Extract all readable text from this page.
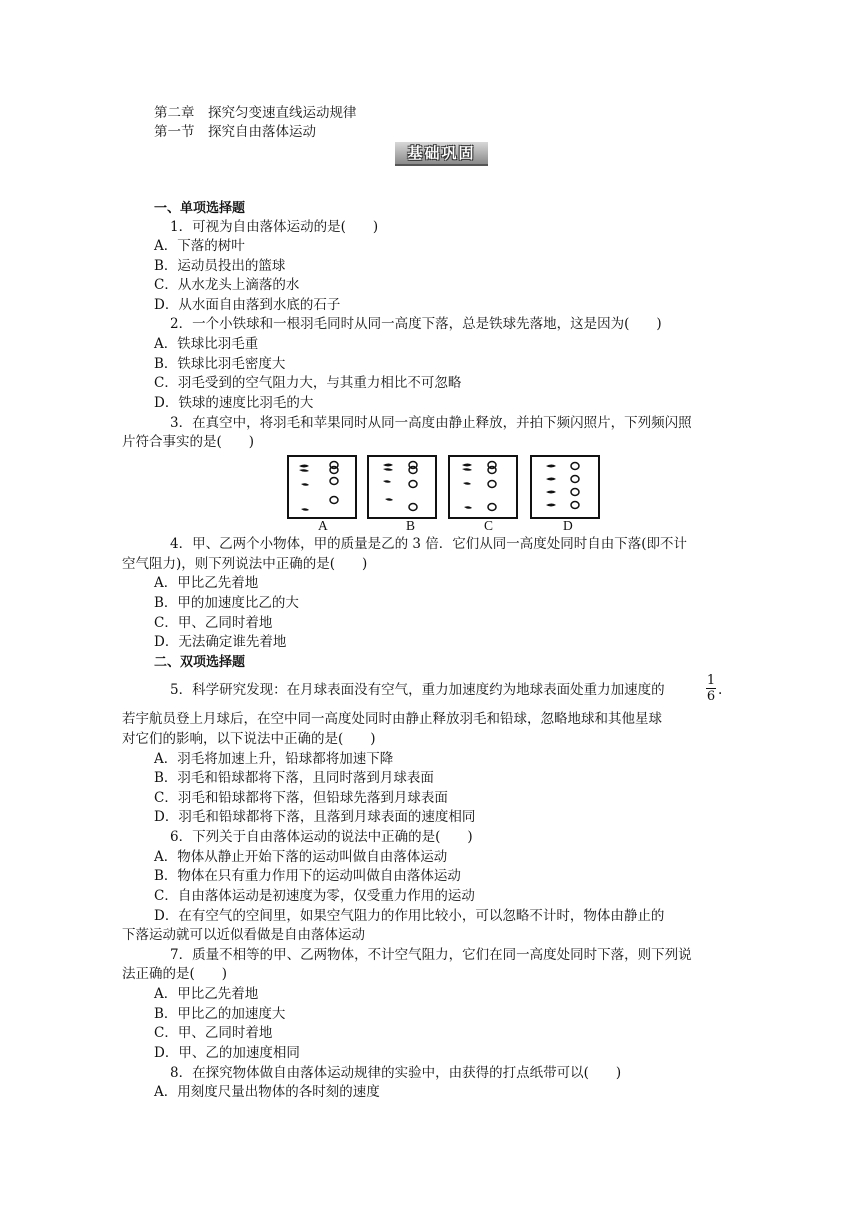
第二章　探究匀变速直线运动规律
第一节　探究自由落体运动
基础巩固
一、单项选择题
1．可视为自由落体运动的是(　　)
A．下落的树叶
B．运动员投出的篮球
C．从水龙头上滴落的水
D．从水面自由落到水底的石子
2．一个小铁球和一根羽毛同时从同一高度下落，总是铁球先落地，这是因为(　　)
A．铁球比羽毛重
B．铁球比羽毛密度大
C．羽毛受到的空气阻力大，与其重力相比不可忽略
D．铁球的速度比羽毛的大
3．在真空中，将羽毛和苹果同时从同一高度由静止释放，并拍下频闪照片，下列频闪照
片符合事实的是(　　)
A	B	C	D
4．甲、乙两个小物体，甲的质量是乙的 3 倍．它们从同一高度处同时自由下落(即不计
空气阻力)，则下列说法中正确的是(　　)
A．甲比乙先着地
B．甲的加速度比乙的大
C．甲、乙同时着地
D．无法确定谁先着地
二、双项选择题
5．科学研究发现：在月球表面没有空气，重力加速度约为地球表面处重力加速度的	$\frac{1}{6}$ .
若宇航员登上月球后，在空中同一高度处同时由静止释放羽毛和铅球，忽略地球和其他星球
对它们的影响，以下说法中正确的是(　　)
A．羽毛将加速上升，铅球都将加速下降
B．羽毛和铅球都将下落，且同时落到月球表面
C．羽毛和铅球都将下落，但铅球先落到月球表面
D．羽毛和铅球都将下落，且落到月球表面的速度相同
6．下列关于自由落体运动的说法中正确的是(　　)
A．物体从静止开始下落的运动叫做自由落体运动
B．物体在只有重力作用下的运动叫做自由落体运动
C．自由落体运动是初速度为零，仅受重力作用的运动
D．在有空气的空间里，如果空气阻力的作用比较小，可以忽略不计时，物体由静止的
下落运动就可以近似看做是自由落体运动
7．质量不相等的甲、乙两物体，不计空气阻力，它们在同一高度处同时下落，则下列说
法正确的是(　　)
A．甲比乙先着地
B．甲比乙的加速度大
C．甲、乙同时着地
D．甲、乙的加速度相同
8．在探究物体做自由落体运动规律的实验中，由获得的打点纸带可以(　　)
A．用刻度尺量出物体的各时刻的速度
